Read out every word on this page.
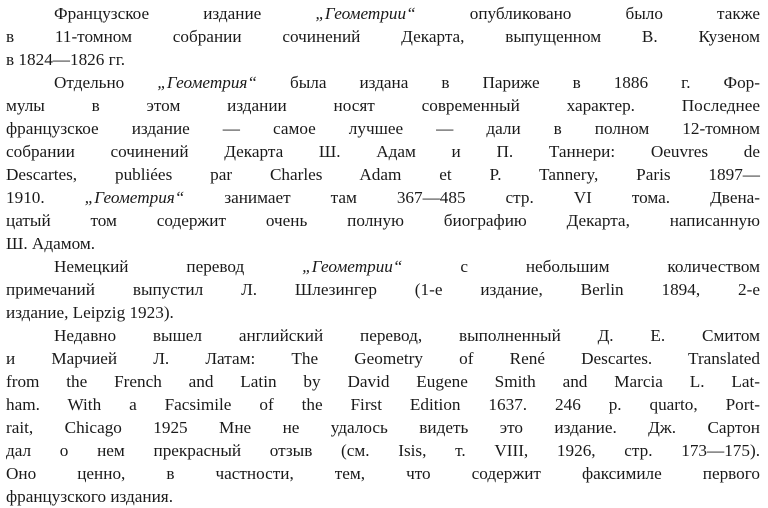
Французское издание „Геометрии“ опубликовано было также
в 11-томном собрании сочинений Декарта, выпущенном В. Кузеном
в 1824—1826 гг.

Отдельно „Геометрия“ была издана в Париже в 1886 г. Фор-
мулы в этом издании носят современный характер. Последнее
французское издание — самое лучшее — дали в полном 12-томном
собрании сочинений Декарта Ш. Адам и П. Таннери: Oeuvres de
Descartes, publiées par Charles Adam et P. Tannery, Paris 1897—
1910. „Геометрия“ занимает там 367—485 стр. VI тома. Двена-
цатый том содержит очень полную биографию Декарта, написанную
Ш. Адамом.

Немецкий перевод „Геометрии“ с небольшим количеством
примечаний выпустил Л. Шлезингер (1-е издание, Berlin 1894, 2-е
издание, Leipzig 1923).

Недавно вышел английский перевод, выполненный Д. Е. Смитом
и Марчией Л. Латам: The Geometry of René Descartes. Translated
from the French and Latin by David Eugene Smith and Marcia L. Lat-
ham. With a Facsimile of the First Edition 1637. 246 p. quarto, Port-
rait, Chicago 1925 Мне не удалось видеть это издание. Дж. Сартон
дал о нем прекрасный отзыв (см. Isis, т. VIII, 1926, стр. 173—175).
Оно ценно, в частности, тем, что содержит факсимиле первого
французского издания.
